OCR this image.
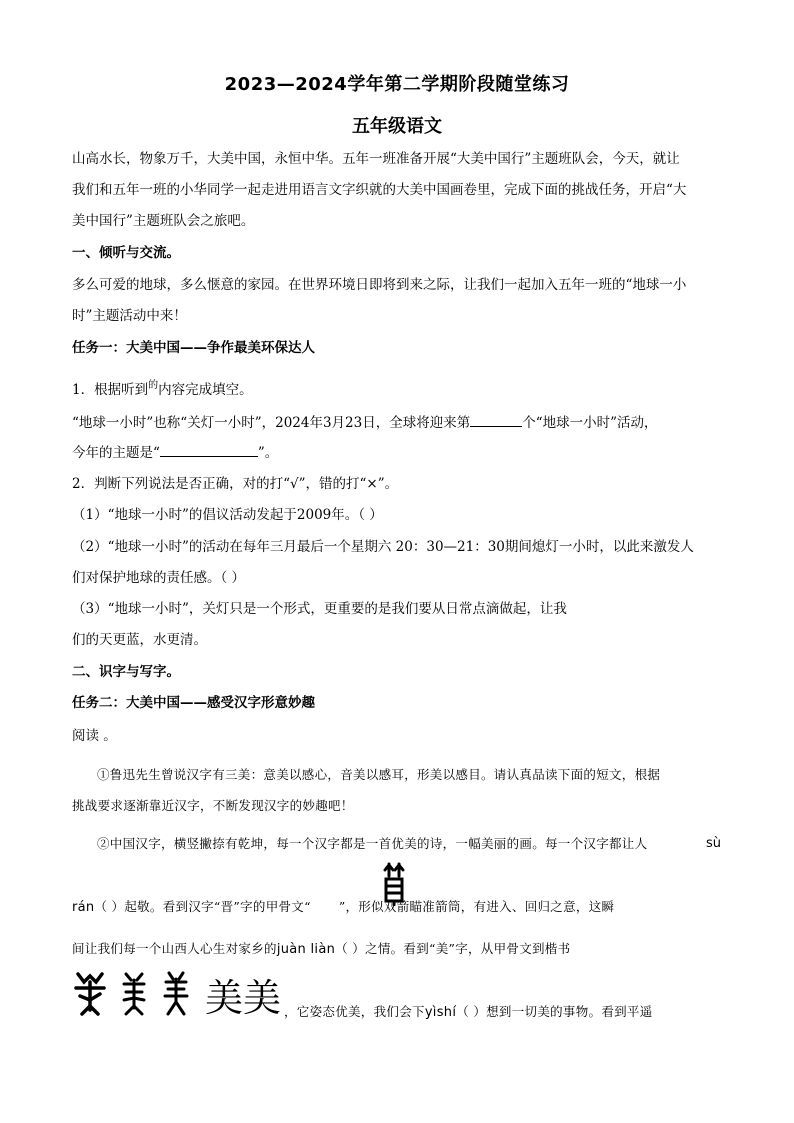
2023—2024学年第二学期阶段随堂练习
五年级语文
山高水长，物象万千，大美中国，永恒中华。五年一班准备开展“大美中国行”主题班队会，今天，就让
我们和五年一班的小华同学一起走进用语言文字织就的大美中国画卷里，完成下面的挑战任务，开启“大
美中国行”主题班队会之旅吧。
一、倾听与交流。
多么可爱的地球，多么惬意的家园。在世界环境日即将到来之际，让我们一起加入五年一班的“地球一小
时”主题活动中来！
任务一：大美中国——争作最美环保达人
1．根据听到$^的$内容完成填空。
“地球一小时”也称“关灯一小时”，2024年3月23日，全球将迎来第	个“地球一小时”活动，
今年的主题是“	”。
2．判断下列说法是否正确，对的打“√”，错的打“×”。
（1）“地球一小时”的倡议活动发起于2009年。（ ）
（2）“地球一小时”的活动在每年三月最后一个星期六 20：30—21：30期间熄灯一小时，以此来激发人
们对保护地球的责任感。（ ）
（3）“地球一小时”，关灯只是一个形式，更重要的是我们要从日常点滴做起，让我
们的天更蓝，水更清。
二、识字与写字。
任务二：大美中国——感受汉字形意妙趣
阅读 。
①鲁迅先生曾说汉字有三美：意美以感心，音美以感耳，形美以感目。请认真品读下面的短文，根据
挑战要求逐渐靠近汉字，不断发现汉字的妙趣吧！
②中国汉字，横竖撇捺有乾坤，每一个汉字都是一首优美的诗，一幅美丽的画。每一个汉字都让人	sù
rán（ ）起敬。看到汉字“晋”字的甲骨文“ ”，形似双箭瞄准箭筒，有进入、回归之意，这瞬
间让我们每一个山西人心生对家乡的juàn liàn（ ）之情。看到“美”字，从甲骨文到楷书
美美 ，它姿态优美，我们会下yìshí（ ）想到一切美的事物。看到平遥
